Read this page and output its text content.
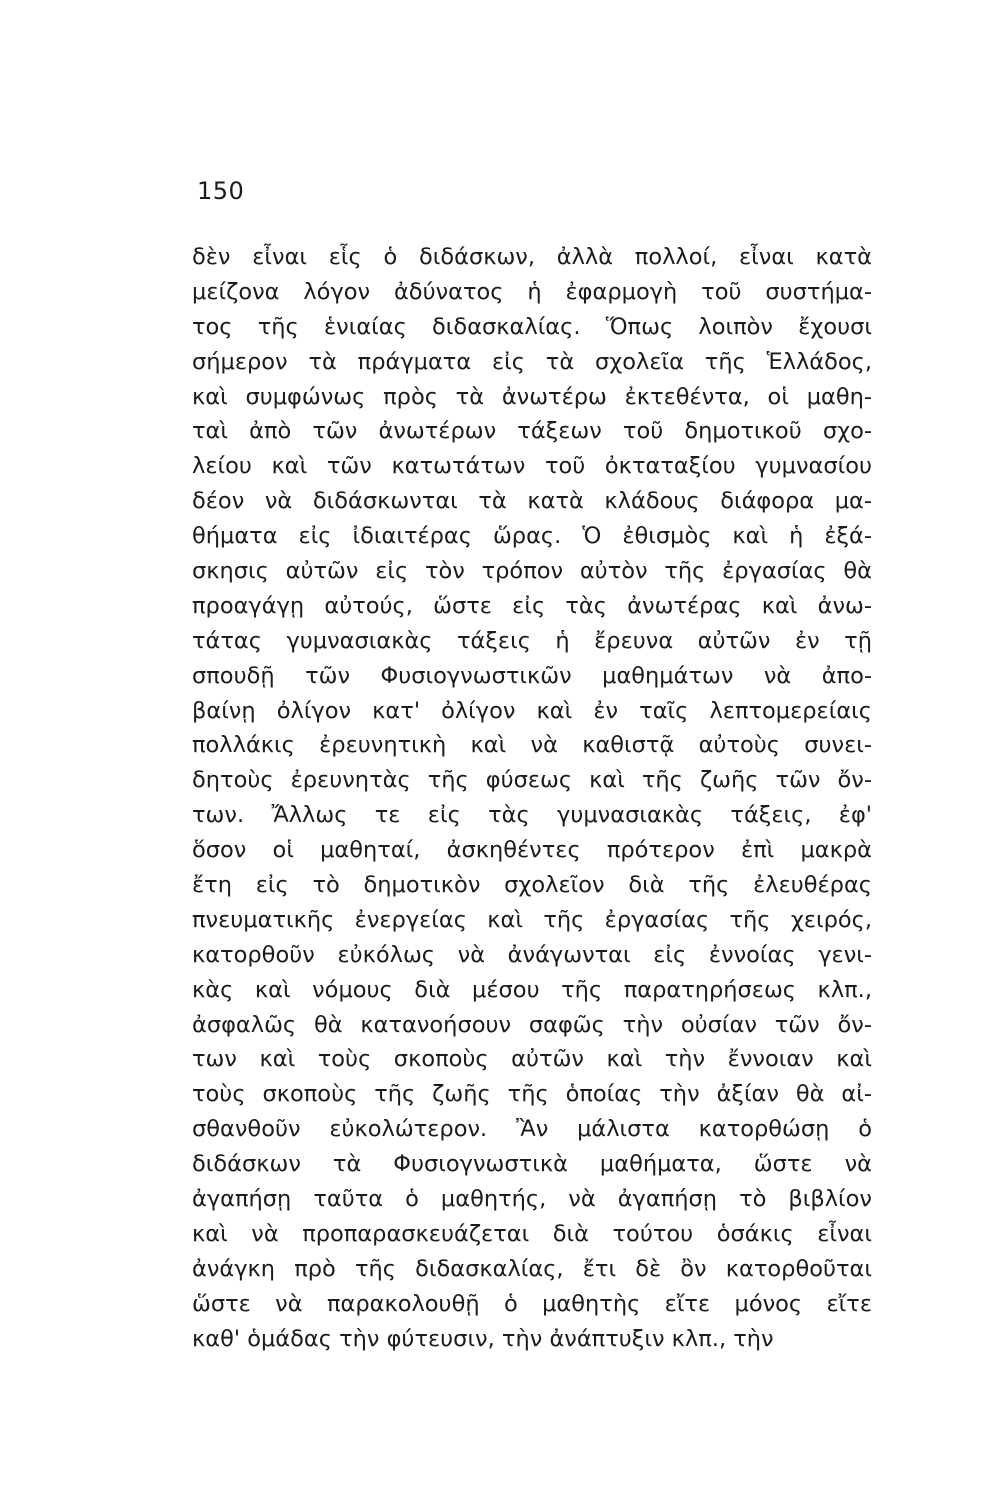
150
δὲν εἶναι εἷς ὁ διδάσκων, ἀλλὰ πολλοί, εἶναι κατὰ
μείζονα λόγον ἀδύνατος ἡ ἐφαρμογὴ τοῦ συστήμα-
τος τῆς ἑνιαίας διδασκαλίας. Ὅπως λοιπὸν ἔχουσι
σήμερον τὰ πράγματα εἰς τὰ σχολεῖα τῆς Ἑλλάδος,
καὶ συμφώνως πρὸς τὰ ἀνωτέρω ἐκτεθέντα, οἱ μαθη-
ταὶ ἀπὸ τῶν ἀνωτέρων τάξεων τοῦ δημοτικοῦ σχο-
λείου καὶ τῶν κατωτάτων τοῦ ὀκταταξίου γυμνασίου
δέον νὰ διδάσκωνται τὰ κατὰ κλάδους διάφορα μα-
θήματα εἰς ἰδιαιτέρας ὥρας. Ὁ ἐθισμὸς καὶ ἡ ἐξά-
σκησις αὐτῶν εἰς τὸν τρόπον αὐτὸν τῆς ἐργασίας θὰ
προαγάγῃ αὐτούς, ὥστε εἰς τὰς ἀνωτέρας καὶ ἀνω-
τάτας γυμνασιακὰς τάξεις ἡ ἔρευνα αὐτῶν ἐν τῇ
σπουδῇ τῶν Φυσιογνωστικῶν μαθημάτων νὰ ἀπο-
βαίνῃ ὀλίγον κατ' ὀλίγον καὶ ἐν ταῖς λεπτομερείαις
πολλάκις ἐρευνητικὴ καὶ νὰ καθιστᾷ αὐτοὺς συνει-
δητοὺς ἐρευνητὰς τῆς φύσεως καὶ τῆς ζωῆς τῶν ὄν-
των. Ἄλλως τε εἰς τὰς γυμνασιακὰς τάξεις, ἐφ'
ὅσον οἱ μαθηταί, ἀσκηθέντες πρότερον ἐπὶ μακρὰ
ἔτη εἰς τὸ δημοτικὸν σχολεῖον διὰ τῆς ἐλευθέρας
πνευματικῆς ἐνεργείας καὶ τῆς ἐργασίας τῆς χειρός,
κατορθοῦν εὐκόλως νὰ ἀνάγωνται εἰς ἐννοίας γενι-
κὰς καὶ νόμους διὰ μέσου τῆς παρατηρήσεως κλπ.,
ἀσφαλῶς θὰ κατανοήσουν σαφῶς τὴν οὐσίαν τῶν ὄν-
των καὶ τοὺς σκοποὺς αὐτῶν καὶ τὴν ἔννοιαν καὶ
τοὺς σκοποὺς τῆς ζωῆς τῆς ὁποίας τὴν ἀξίαν θὰ αἰ-
σθανθοῦν εὐκολώτερον. Ἂν μάλιστα κατορθώσῃ ὁ
διδάσκων τὰ Φυσιογνωστικὰ μαθήματα, ὥστε νὰ
ἀγαπήσῃ ταῦτα ὁ μαθητής, νὰ ἀγαπήσῃ τὸ βιβλίον
καὶ νὰ προπαρασκευάζεται διὰ τούτου ὁσάκις εἶναι
ἀνάγκη πρὸ τῆς διδασκαλίας, ἔτι δὲ ὂν κατορθοῦται
ὥστε νὰ παρακολουθῇ ὁ μαθητὴς εἴτε μόνος εἴτε
καθ' ὁμάδας τὴν φύτευσιν, τὴν ἀνάπτυξιν κλπ., τὴν
